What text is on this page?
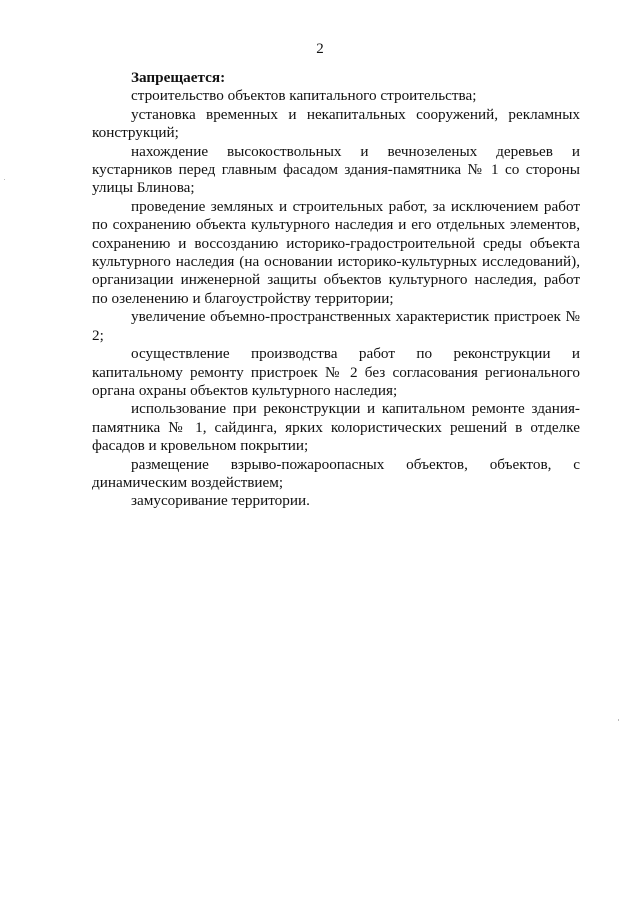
2

Запрещается:

строительство объектов капитального строительства;

установка временных и некапитальных сооружений, рекламных конструкций;

нахождение высокоствольных и вечнозеленых деревьев и кустарников перед главным фасадом здания-памятника № 1 со стороны улицы Блинова;

проведение земляных и строительных работ, за исключением работ по сохранению объекта культурного наследия и его отдельных элементов, сохранению и воссозданию историко-градостроительной среды объекта культурного наследия (на основании историко-культурных исследований), организации инженерной защиты объектов культурного наследия, работ по озеленению и благоустройству территории;

увеличение объемно-пространственных характеристик пристроек № 2;

осуществление производства работ по реконструкции и капитальному ремонту пристроек № 2 без согласования регионального органа охраны объектов культурного наследия;

использование при реконструкции и капитальном ремонте здания-памятника № 1, сайдинга, ярких колористических решений в отделке фасадов и кровельном покрытии;

размещение взрыво-пожароопасных объектов, объектов, с динамическим воздействием;

замусоривание территории.
